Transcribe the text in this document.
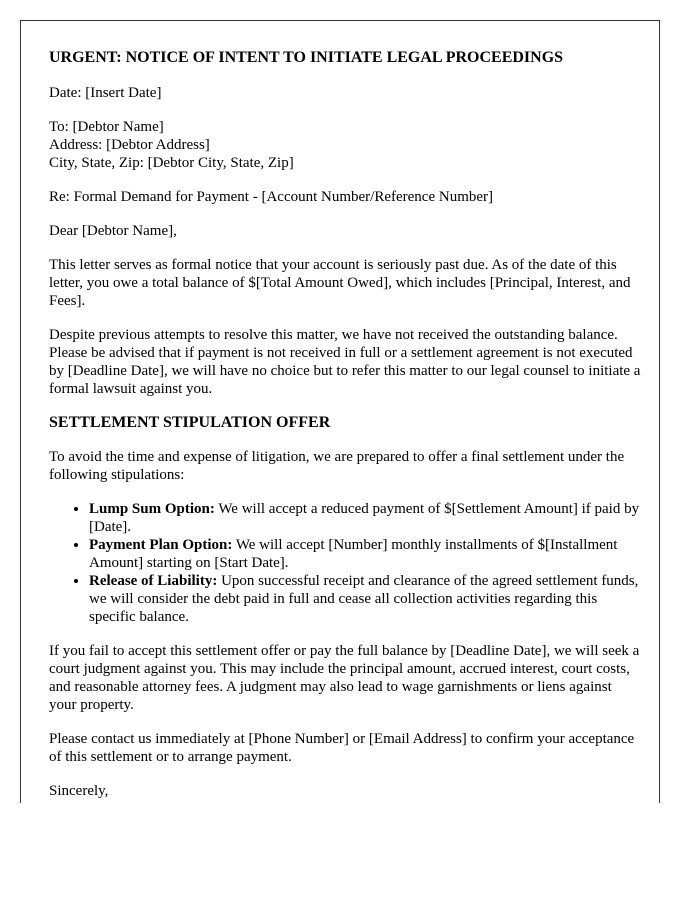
URGENT: NOTICE OF INTENT TO INITIATE LEGAL PROCEEDINGS

Date: [Insert Date]

To: [Debtor Name]
Address: [Debtor Address]
City, State, Zip: [Debtor City, State, Zip]

Re: Formal Demand for Payment - [Account Number/Reference Number]

Dear [Debtor Name],

This letter serves as formal notice that your account is seriously past due. As of the date of this letter, you owe a total balance of $[Total Amount Owed], which includes [Principal, Interest, and Fees].

Despite previous attempts to resolve this matter, we have not received the outstanding balance. Please be advised that if payment is not received in full or a settlement agreement is not executed by [Deadline Date], we will have no choice but to refer this matter to our legal counsel to initiate a formal lawsuit against you.

SETTLEMENT STIPULATION OFFER

To avoid the time and expense of litigation, we are prepared to offer a final settlement under the following stipulations:

• Lump Sum Option: We will accept a reduced payment of $[Settlement Amount] if paid by [Date].
• Payment Plan Option: We will accept [Number] monthly installments of $[Installment Amount] starting on [Start Date].
• Release of Liability: Upon successful receipt and clearance of the agreed settlement funds, we will consider the debt paid in full and cease all collection activities regarding this specific balance.

If you fail to accept this settlement offer or pay the full balance by [Deadline Date], we will seek a court judgment against you. This may include the principal amount, accrued interest, court costs, and reasonable attorney fees. A judgment may also lead to wage garnishments or liens against your property.

Please contact us immediately at [Phone Number] or [Email Address] to confirm your acceptance of this settlement or to arrange payment.

Sincerely,
